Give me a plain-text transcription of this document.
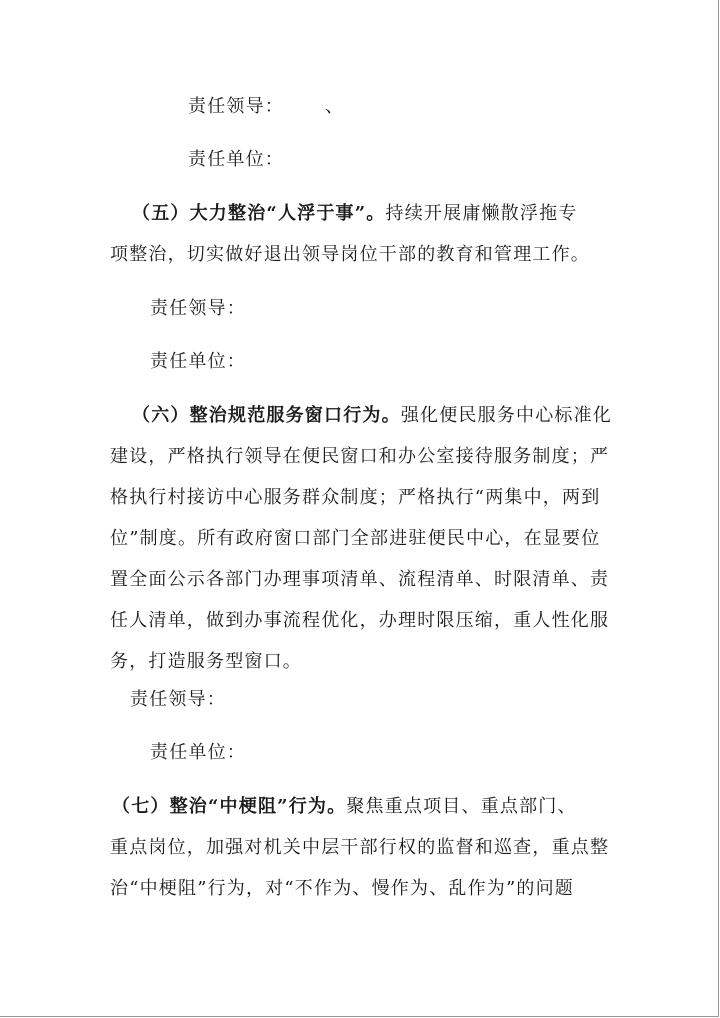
责任领导：	、
责任单位：
（五）大力整治“人浮于事”。持续开展庸懒散浮拖专
项整治，切实做好退出领导岗位干部的教育和管理工作。
责任领导：
责任单位：
（六）整治规范服务窗口行为。强化便民服务中心标准化
建设，严格执行领导在便民窗口和办公室接待服务制度；严
格执行村接访中心服务群众制度；严格执行“两集中，两到
位”制度。所有政府窗口部门全部进驻便民中心，在显要位
置全面公示各部门办理事项清单、流程清单、时限清单、责
任人清单，做到办事流程优化，办理时限压缩，重人性化服
务，打造服务型窗口。
责任领导：
责任单位：
（七）整治“中梗阻”行为。聚焦重点项目、重点部门、
重点岗位，加强对机关中层干部行权的监督和巡查，重点整
治“中梗阻”行为，对“不作为、慢作为、乱作为”的问题
